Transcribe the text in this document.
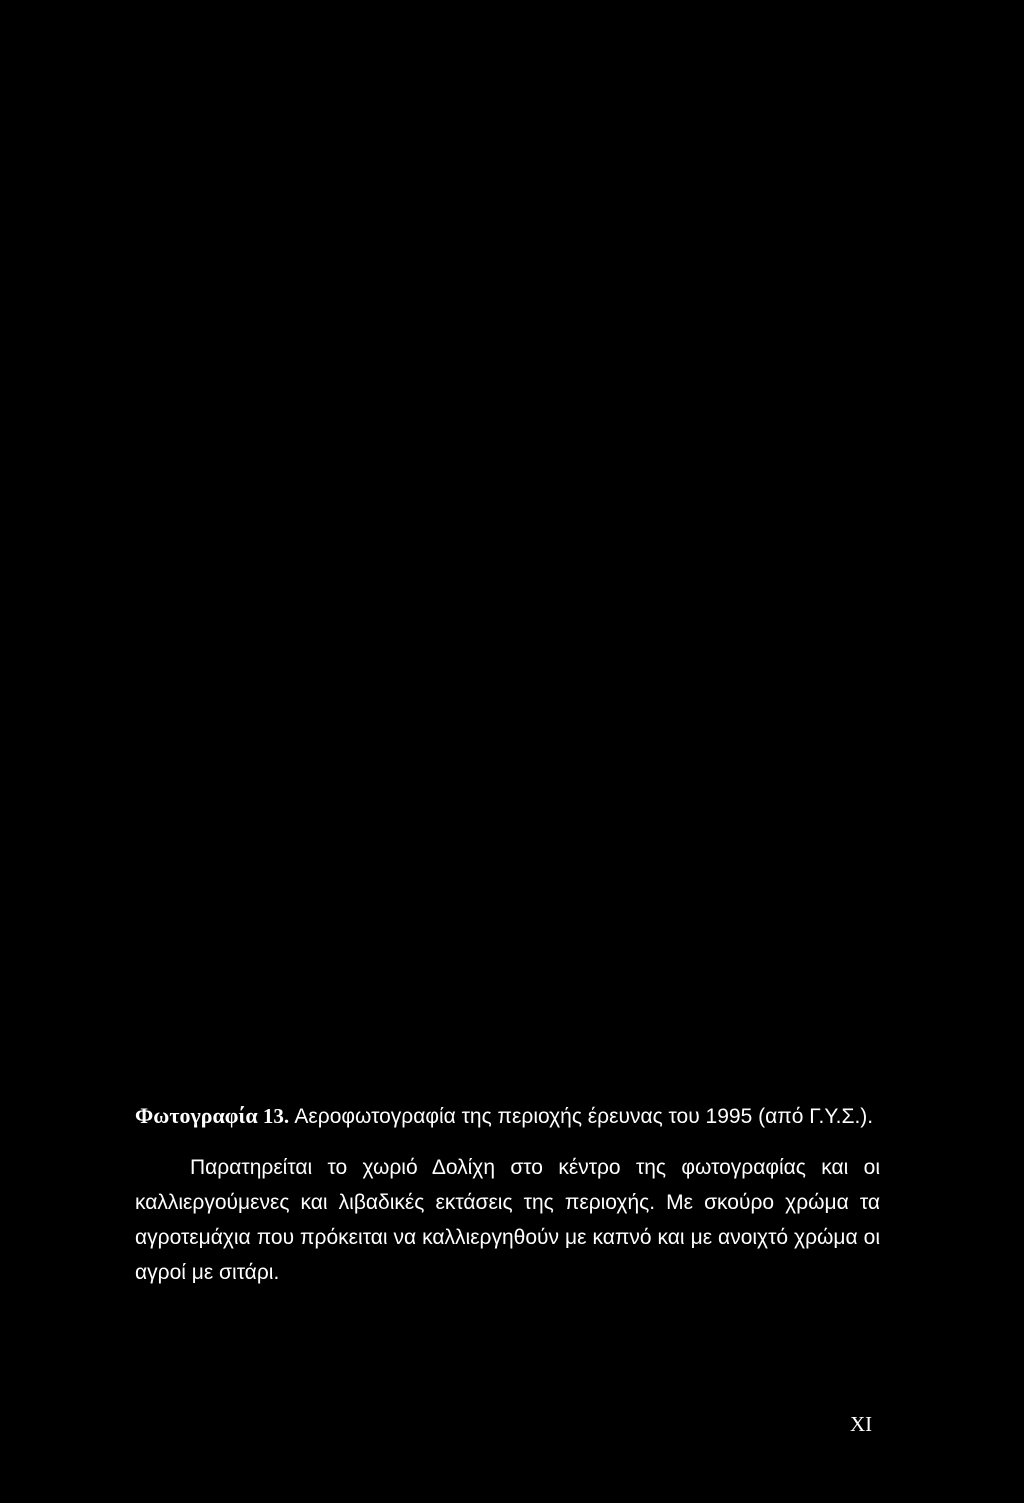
Φωτογραφία 13. Αεροφωτογραφία της περιοχής έρευνας του 1995 (από Γ.Υ.Σ.).
Παρατηρείται το χωριό Δολίχη στο κέντρο της φωτογραφίας και οι καλλιεργούμενες και λιβαδικές εκτάσεις της περιοχής. Με σκούρο χρώμα τα αγροτεμάχια που πρόκειται να καλλιεργηθούν με καπνό και με ανοιχτό χρώμα οι αγροί με σιτάρι.
XI
